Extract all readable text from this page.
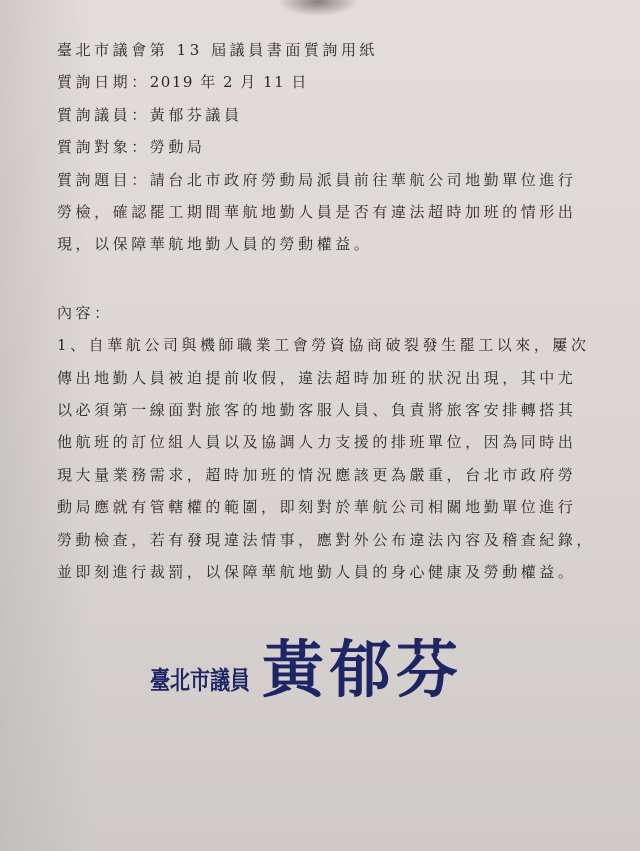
臺北市議會第 13 屆議員書面質詢用紙
質詢日期：2019 年 2 月 11 日
質詢議員：黃郁芬議員
質詢對象：勞動局
質詢題目：請台北市政府勞動局派員前往華航公司地勤單位進行
勞檢，確認罷工期間華航地勤人員是否有違法超時加班的情形出
現，以保障華航地勤人員的勞動權益。
內容：
1、自華航公司與機師職業工會勞資協商破裂發生罷工以來，屢次
傳出地勤人員被迫提前收假，違法超時加班的狀況出現，其中尤
以必須第一線面對旅客的地勤客服人員、負責將旅客安排轉搭其
他航班的訂位組人員以及協調人力支援的排班單位，因為同時出
現大量業務需求，超時加班的情況應該更為嚴重，台北市政府勞
動局應就有管轄權的範圍，即刻對於華航公司相關地勤單位進行
勞動檢查，若有發現違法情事，應對外公布違法內容及稽查紀錄，
並即刻進行裁罰，以保障華航地勤人員的身心健康及勞動權益。
臺北市議員 黃郁芬
